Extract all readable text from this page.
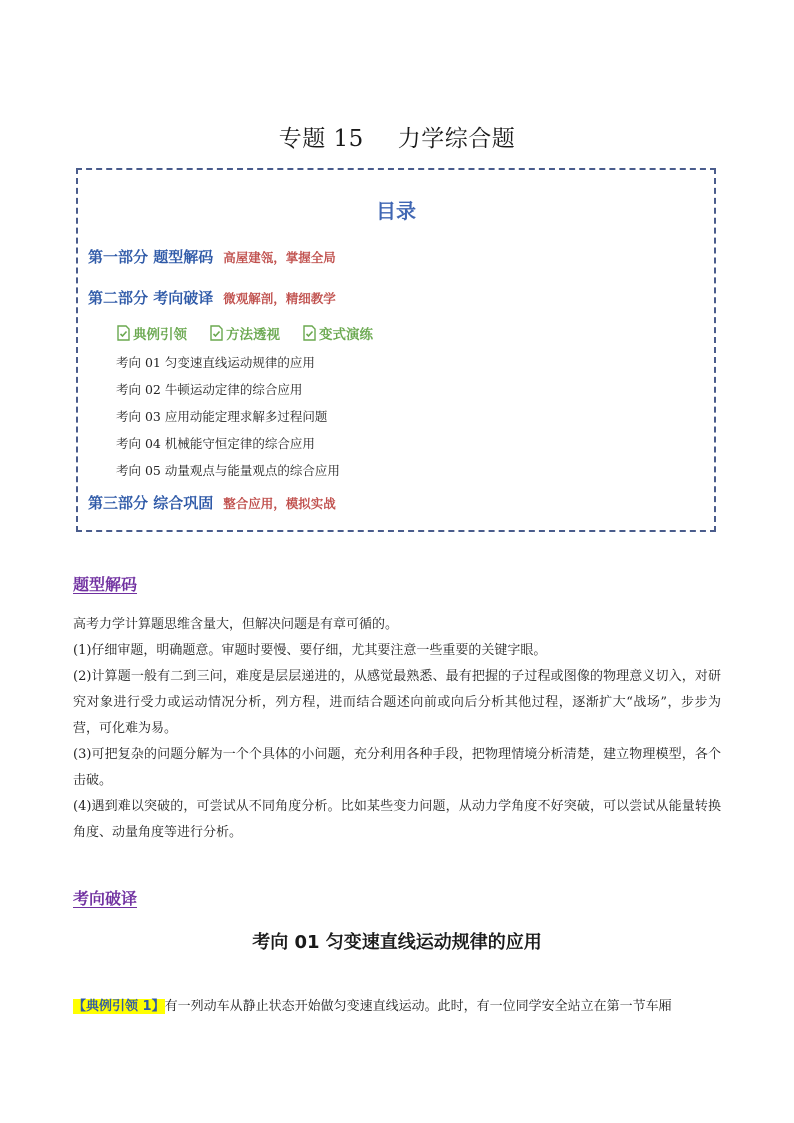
专题 15 力学综合题
目录
第一部分 题型解码 高屋建瓴，掌握全局
第二部分 考向破译 微观解剖，精细教学
典例引领	方法透视	变式演练
考向 01 匀变速直线运动规律的应用
考向 02 牛顿运动定律的综合应用
考向 03 应用动能定理求解多过程问题
考向 04 机械能守恒定律的综合应用
考向 05 动量观点与能量观点的综合应用
第三部分 综合巩固 整合应用，模拟实战
题型解码

高考力学计算题思维含量大，但解决问题是有章可循的。

(1)仔细审题，明确题意。审题时要慢、要仔细，尤其要注意一些重要的关键字眼。

(2)计算题一般有二到三问，难度是层层递进的，从感觉最熟悉、最有把握的子过程或图像的物理意义切入，对研究对象进行受力或运动情况分析，列方程，进而结合题述向前或向后分析其他过程，逐渐扩大“战场”，步步为营，可化难为易。

(3)可把复杂的问题分解为一个个具体的小问题，充分利用各种手段，把物理情境分析清楚，建立物理模型，各个击破。

(4)遇到难以突破的，可尝试从不同角度分析。比如某些变力问题，从动力学角度不好突破，可以尝试从能量转换角度、动量角度等进行分析。

考向破译
考向 01 匀变速直线运动规律的应用
【典例引领 1】有一列动车从静止状态开始做匀变速直线运动。此时，有一位同学安全站立在第一节车厢
